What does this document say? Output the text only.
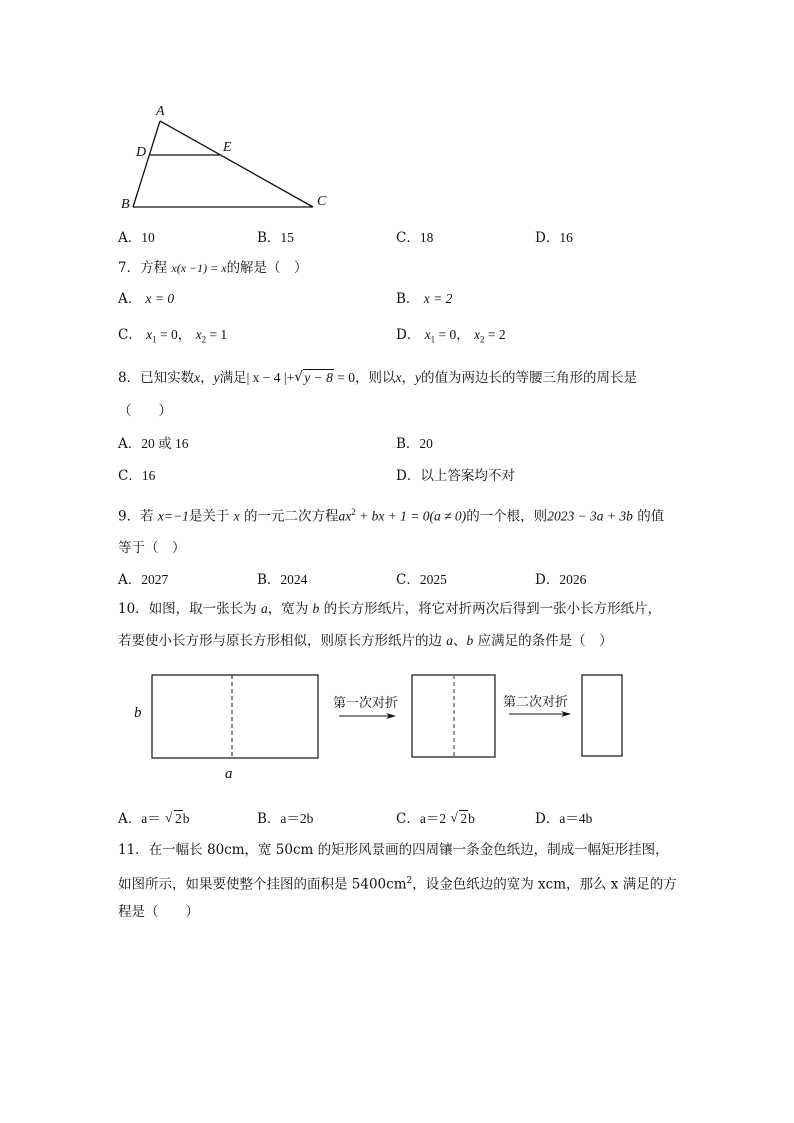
A
D	E
B	C
A．10	B．15	C．18	D．16
7．方程 x(x −1) = x的解是（　）
A． x = 0	B． x = 2
C． $x_1 = 0$， $x_2 = 1$	D． $x_1 = 0$， $x_2 = 2$
8．已知实数x，y满足| x − 4 |+ √ y − 8 = 0，则以x，y的值为两边长的等腰三角形的周长是
（　　）
A．20 或 16	B．20
C．16	D．以上答案均不对
9．若 x=−1是关于 x 的一元二次方程$ax^2$ + bx + 1 = 0(a ≠ 0)的一个根，则2023 − 3a + 3b 的值
等于（　）
A．2027	B．2024	C．2025	D．2026
10．如图，取一张长为 a，宽为 b 的长方形纸片，将它对折两次后得到一张小长方形纸片，
若要使小长方形与原长方形相似，则原长方形纸片的边 a、b 应满足的条件是（　）
b
a
第一次对折	第二次对折
A．a＝ √ 2b	B．a＝2b	C．a＝2 √ 2b	D．a＝4b
11．在一幅长 80cm，宽 50cm 的矩形风景画的四周镶一条金色纸边，制成一幅矩形挂图，
如图所示，如果要使整个挂图的面积是 $5400cm^2$，设金色纸边的宽为 xcm，那么 x 满足的方
程是（　　）
